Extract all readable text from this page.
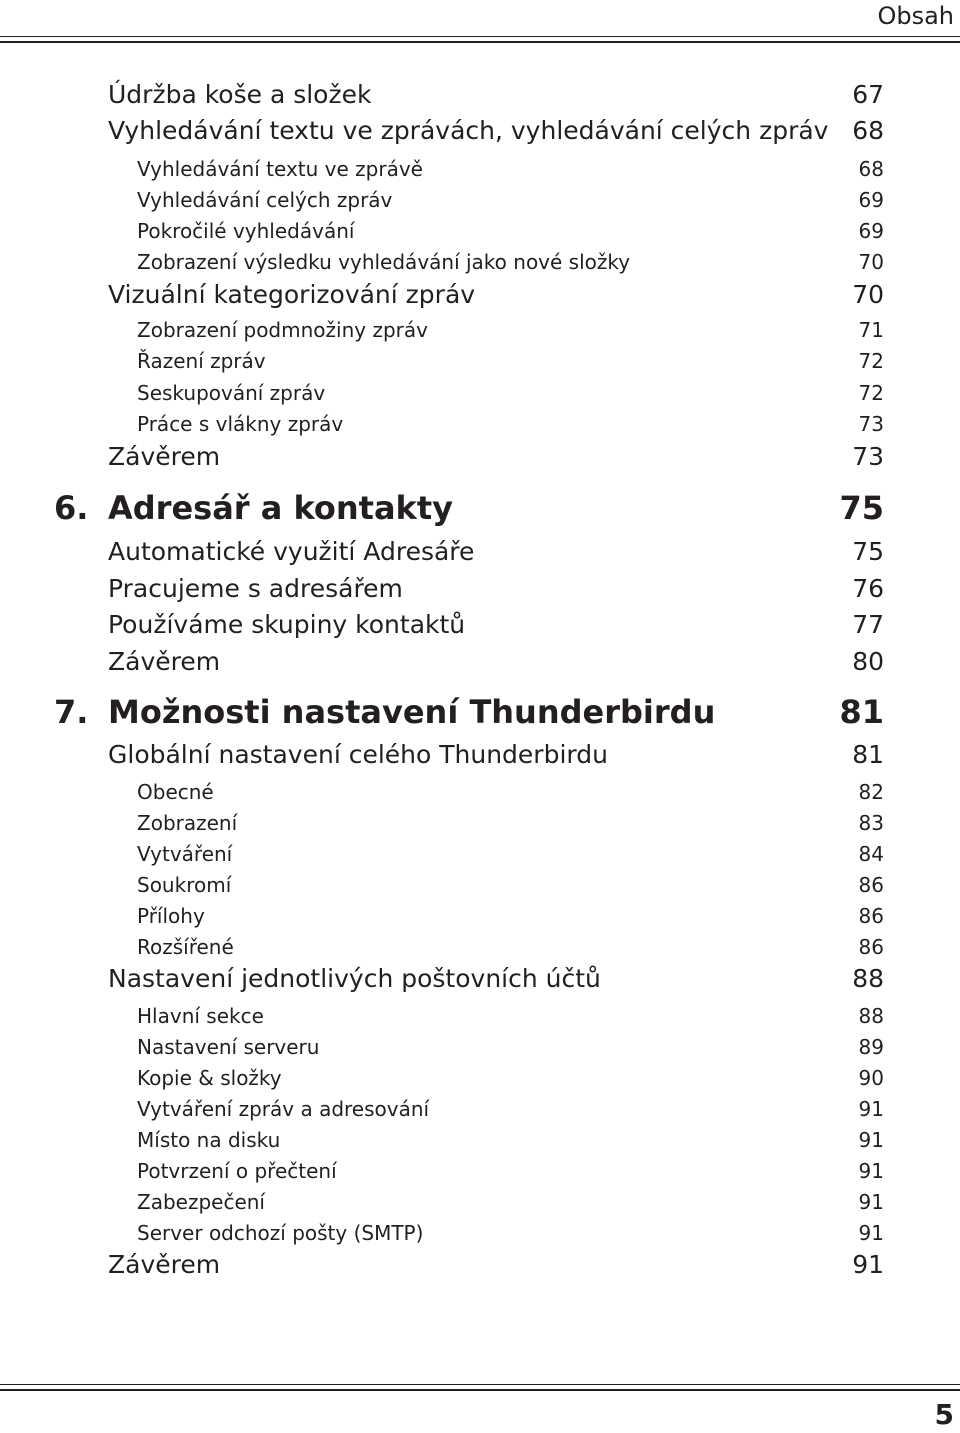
Obsah
Údržba koše a složek	67
Vyhledávání textu ve zprávách, vyhledávání celých zpráv 68
Vyhledávání textu ve zprávě	68
Vyhledávání celých zpráv	69
Pokročilé vyhledávání	69
Zobrazení výsledku vyhledávání jako nové složky	70
Vizuální kategorizování zpráv	70
Zobrazení podmnožiny zpráv	71
Řazení zpráv	72
Seskupování zpráv	72
Práce s vlákny zpráv	73
Závěrem	73
6. Adresář a kontakty	75
Automatické využití Adresáře	75
Pracujeme s adresářem	76
Používáme skupiny kontaktů	77
Závěrem	80
7. Možnosti nastavení Thunderbirdu	81
Globální nastavení celého Thunderbirdu	81
Obecné	82
Zobrazení	83
Vytváření	84
Soukromí	86
Přílohy	86
Rozšířené	86
Nastavení jednotlivých poštovních účtů	88
Hlavní sekce	88
Nastavení serveru	89
Kopie & složky	90
Vytváření zpráv a adresování	91
Místo na disku	91
Potvrzení o přečtení	91
Zabezpečení	91
Server odchozí pošty (SMTP)	91
Závěrem	91
5
